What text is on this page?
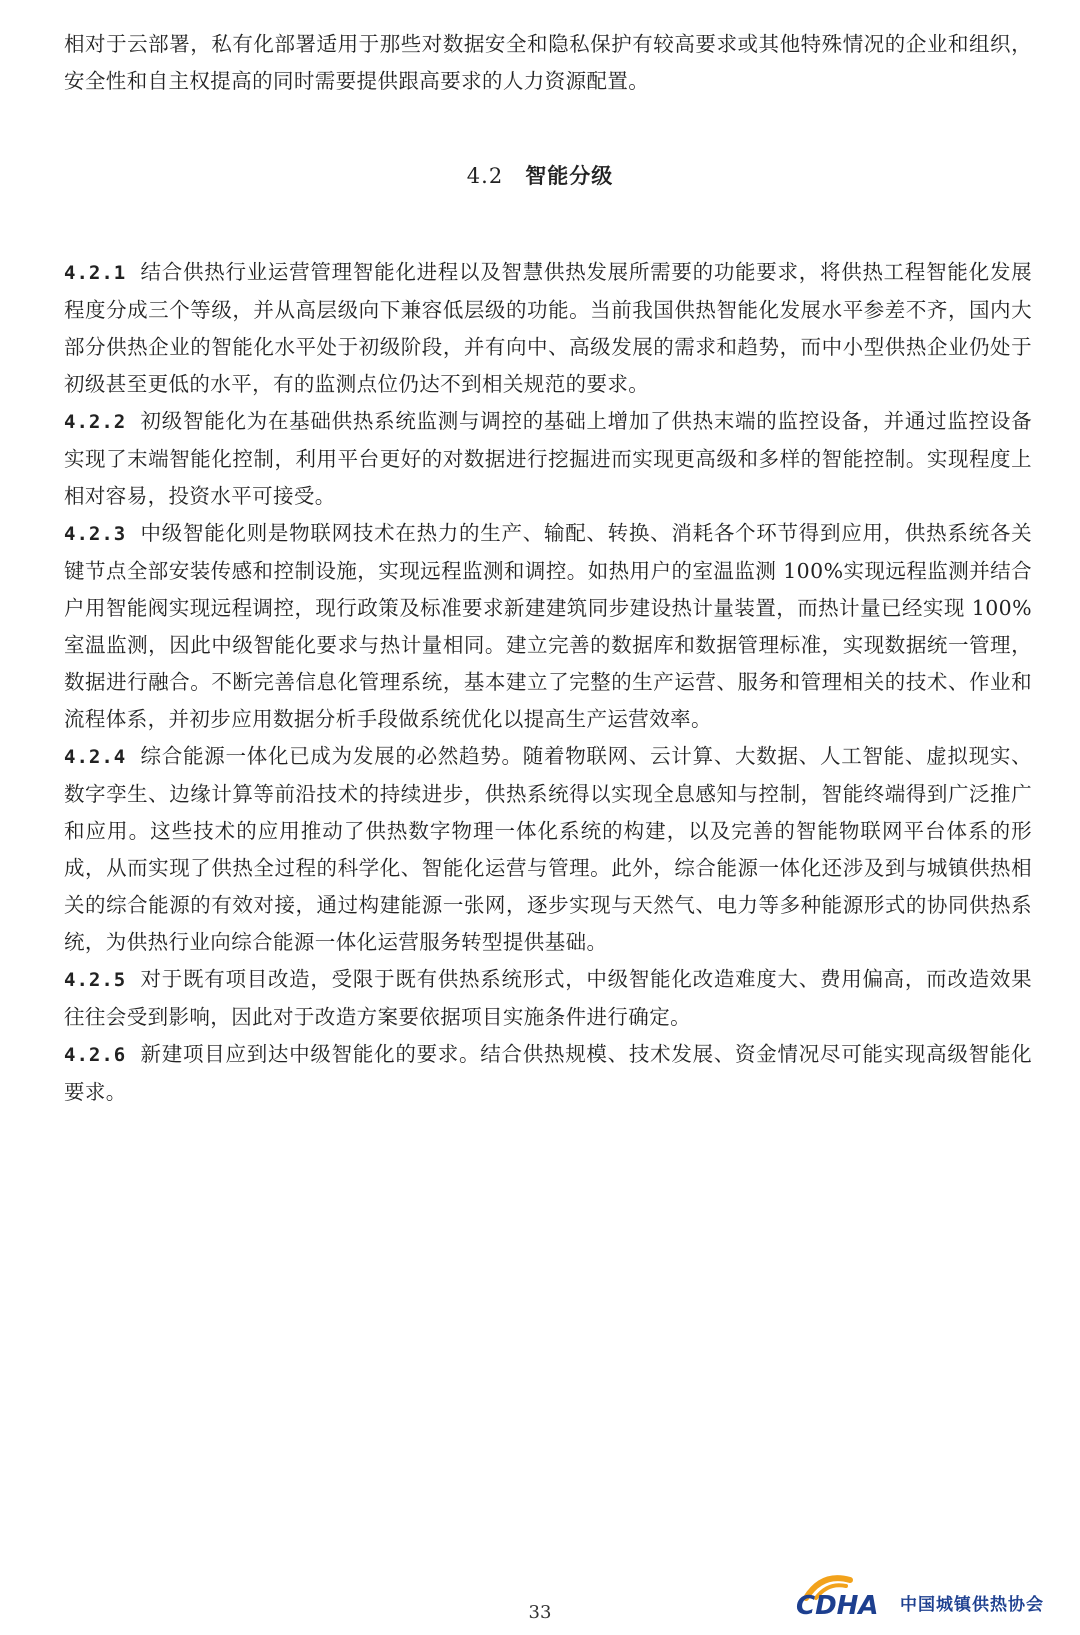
相对于云部署，私有化部署适用于那些对数据安全和隐私保护有较高要求或其他特殊情况的企业和组织，安全性和自主权提高的同时需要提供跟高要求的人力资源配置。

4.2 智能分级

4.2.1 结合供热行业运营管理智能化进程以及智慧供热发展所需要的功能要求，将供热工程智能化发展程度分成三个等级，并从高层级向下兼容低层级的功能。当前我国供热智能化发展水平参差不齐，国内大部分供热企业的智能化水平处于初级阶段，并有向中、高级发展的需求和趋势，而中小型供热企业仍处于初级甚至更低的水平，有的监测点位仍达不到相关规范的要求。

4.2.2 初级智能化为在基础供热系统监测与调控的基础上增加了供热末端的监控设备，并通过监控设备实现了末端智能化控制，利用平台更好的对数据进行挖掘进而实现更高级和多样的智能控制。实现程度上相对容易，投资水平可接受。

4.2.3 中级智能化则是物联网技术在热力的生产、输配、转换、消耗各个环节得到应用，供热系统各关键节点全部安装传感和控制设施，实现远程监测和调控。如热用户的室温监测 100%实现远程监测并结合户用智能阀实现远程调控，现行政策及标准要求新建建筑同步建设热计量装置，而热计量已经实现 100%室温监测，因此中级智能化要求与热计量相同。建立完善的数据库和数据管理标准，实现数据统一管理，数据进行融合。不断完善信息化管理系统，基本建立了完整的生产运营、服务和管理相关的技术、作业和流程体系，并初步应用数据分析手段做系统优化以提高生产运营效率。

4.2.4 综合能源一体化已成为发展的必然趋势。随着物联网、云计算、大数据、人工智能、虚拟现实、数字孪生、边缘计算等前沿技术的持续进步，供热系统得以实现全息感知与控制，智能终端得到广泛推广和应用。这些技术的应用推动了供热数字物理一体化系统的构建，以及完善的智能物联网平台体系的形成，从而实现了供热全过程的科学化、智能化运营与管理。此外，综合能源一体化还涉及到与城镇供热相关的综合能源的有效对接，通过构建能源一张网，逐步实现与天然气、电力等多种能源形式的协同供热系统，为供热行业向综合能源一体化运营服务转型提供基础。

4.2.5 对于既有项目改造，受限于既有供热系统形式，中级智能化改造难度大、费用偏高，而改造效果往往会受到影响，因此对于改造方案要依据项目实施条件进行确定。

4.2.6 新建项目应到达中级智能化的要求。结合供热规模、技术发展、资金情况尽可能实现高级智能化要求。

33	CDHA 中国城镇供热协会
